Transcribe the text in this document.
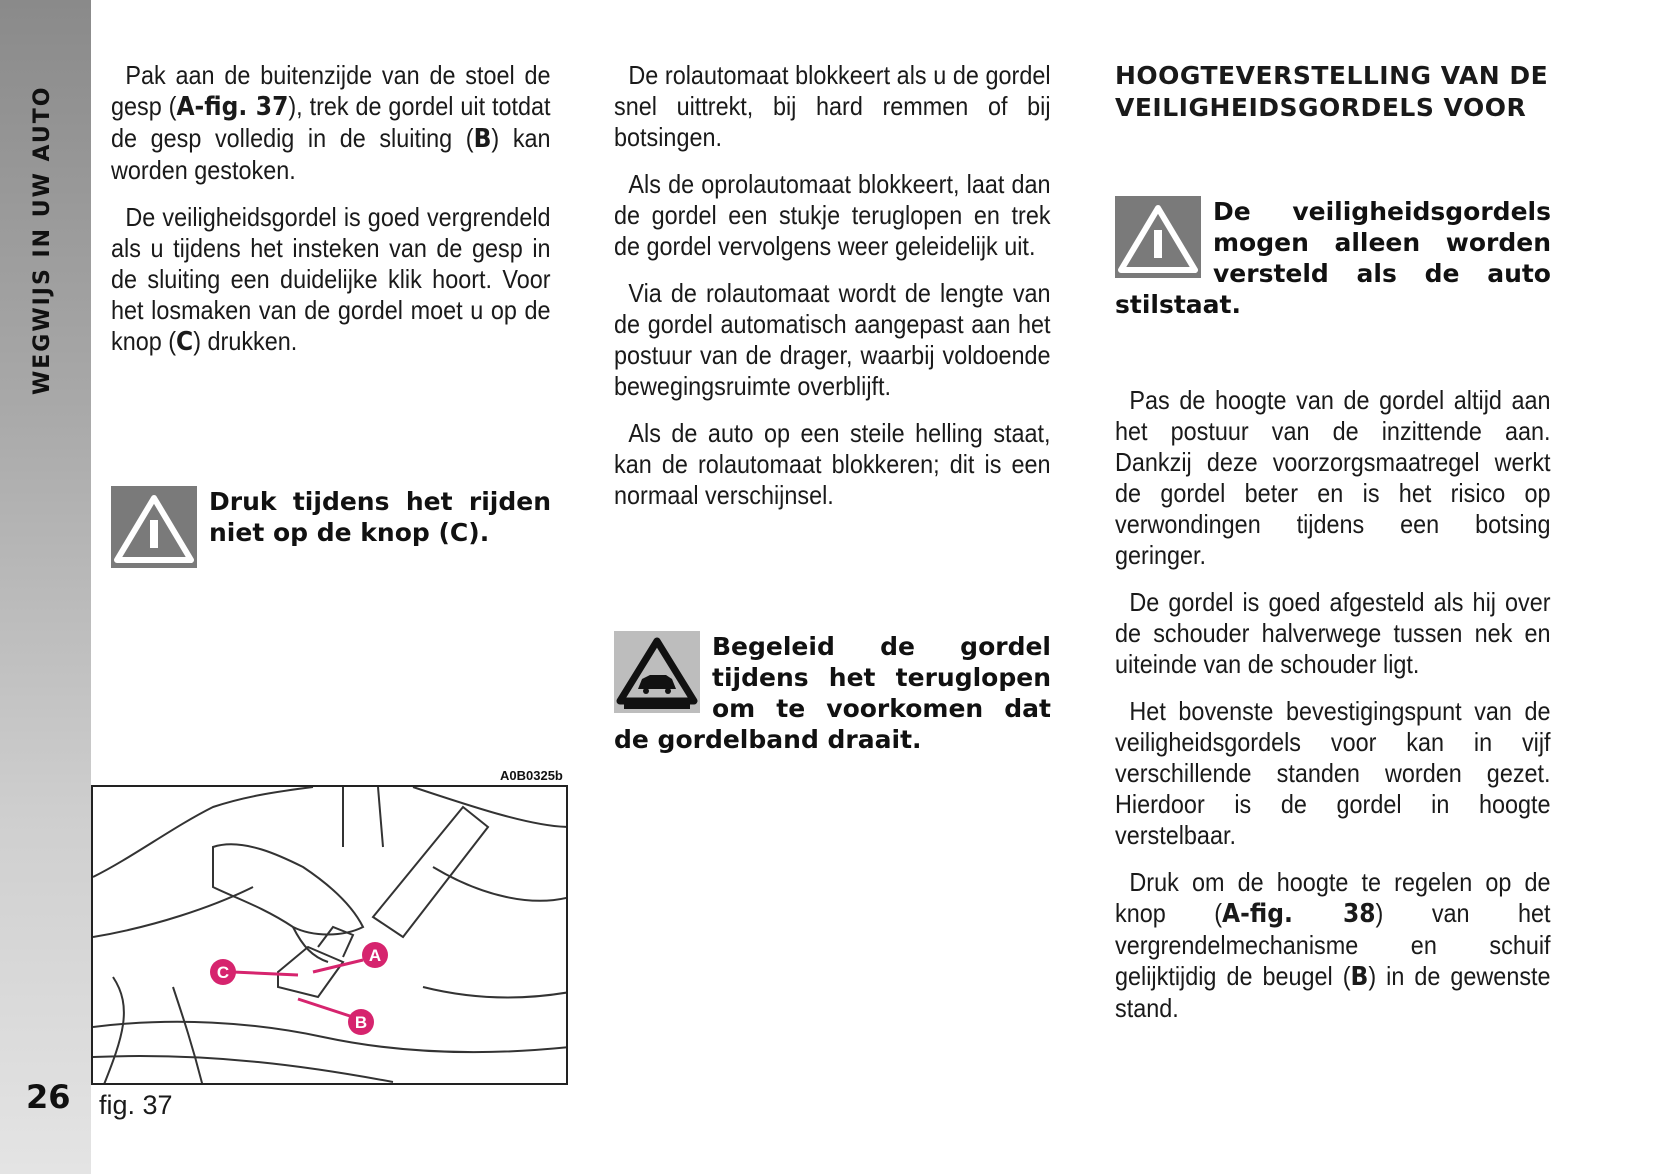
WEGWIJS IN UW AUTO
26

Pak aan de buitenzijde van de stoel de gesp (A-fig. 37), trek de gordel uit totdat de gesp volledig in de sluiting (B) kan worden gestoken.

De veiligheidsgordel is goed vergrendeld als u tijdens het insteken van de gesp in de sluiting een duidelijke klik hoort. Voor het losmaken van de gordel moet u op de knop (C) drukken.

Druk tijdens het rijden niet op de knop (C).
A0B0325b
C
A
B
fig. 37

De rolautomaat blokkeert als u de gordel snel uittrekt, bij hard remmen of bij botsingen.

Als de oprolautomaat blokkeert, laat dan de gordel een stukje teruglopen en trek de gordel vervolgens weer geleidelijk uit.

Via de rolautomaat wordt de lengte van de gordel automatisch aangepast aan het postuur van de drager, waarbij voldoende bewegingsruimte overblijft.

Als de auto op een steile helling staat, kan de rolautomaat blokkeren; dit is een normaal verschijnsel.

Begeleid de gordel tijdens het teruglopen om te voorkomen dat de gordelband draait.
HOOGTEVERSTELLING VAN DE VEILIGHEIDSGORDELS VOOR
De veiligheidsgordels mogen alleen worden versteld als de auto stilstaat.

Pas de hoogte van de gordel altijd aan het postuur van de inzittende aan. Dankzij deze voorzorgsmaatregel werkt de gordel beter en is het risico op verwondingen tijdens een botsing geringer.

De gordel is goed afgesteld als hij over de schouder halverwege tussen nek en uiteinde van de schouder ligt.

Het bovenste bevestigingspunt van de veiligheidsgordels voor kan in vijf verschillende standen worden gezet. Hierdoor is de gordel in hoogte verstelbaar.

Druk om de hoogte te regelen op de knop (A-fig. 38) van het vergrendelmechanisme en schuif gelijktijdig de beugel (B) in de gewenste stand.
